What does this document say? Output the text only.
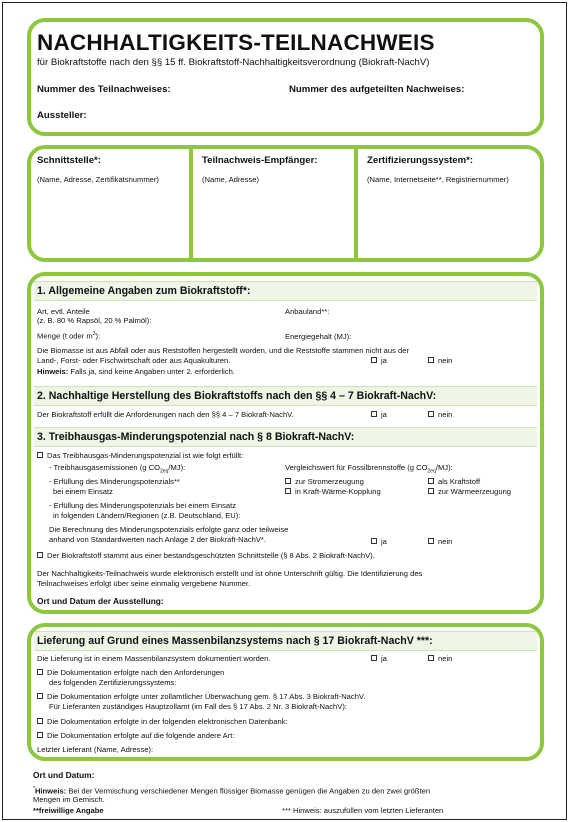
NACHHALTIGKEITS-TEILNACHWEIS
für Biokraftstoffe nach den §§ 15 ff. Biokraftstoff-Nachhaltigkeitsverordnung (Biokraft-NachV)
Nummer des Teilnachweises:	Nummer des aufgeteilten Nachweises:
Aussteller:
Schnittstelle*:
(Name, Adresse, Zertifikatsnummer)
Teilnachweis-Empfänger:
(Name, Adresse)
Zertifizierungssystem*:
(Name, Internetseite**, Registriernummer)
1. Allgemeine Angaben zum Biokraftstoff*:
Art, evtl. Anteile
(z. B. 80 % Rapsöl, 20 % Palmöl):
Anbauland**:
Menge (t oder $m^3$):	Energiegehalt (MJ):
Die Biomasse ist aus Abfall oder aus Reststoffen hergestellt worden, und die Reststoffe stammen nicht aus der
Land-, Forst- oder Fischwirtschaft oder aus Aquakulturen.	ja	nein
Hinweis: Falls ja, sind keine Angaben unter 2. erforderlich.
2. Nachhaltige Herstellung des Biokraftstoffs nach den §§ 4 – 7 Biokraft-NachV:
Der Biokraftstoff erfüllt die Anforderungen nach den §§ 4 – 7 Biokraft-NachV.	ja	nein
3. Treibhausgas-Minderungspotenzial nach § 8 Biokraft-NachV:
Das Treibhausgas-Minderungspotenzial ist wie folgt erfüllt:
- Treibhausgasemissionen (g $CO_{2eq}/MJ$):	Vergleichswert für Fossilbrennstoffe (g $CO_{2eq}/MJ$):
- Erfüllung des Minderungspotenzials**
bei einem Einsatz
zur Stromerzeugung	als Kraftstoff
in Kraft-Wärme-Kopplung	zur Wärmeerzeugung
- Erfüllung des Minderungspotenzials bei einem Einsatz
in folgenden Ländern/Regionen (z.B. Deutschland, EU):
Die Berechnung des Minderungspotenzials erfolgte ganz oder teilweise
anhand von Standardwerten nach Anlage 2 der Biokraft-NachV*.	ja	nein
Der Biokraftstoff stammt aus einer bestandsgeschützten Schnittstelle (§ 8 Abs. 2 Biokraft-NachV).
Der Nachhaltigkeits-Teilnachweis wurde elektronisch erstellt und ist ohne Unterschrift gültig. Die Identifizierung des
Teilnachweises erfolgt über seine einmalig vergebene Nummer.
Ort und Datum der Ausstellung:
Lieferung auf Grund eines Massenbilanzsystems nach § 17 Biokraft-NachV ***:
Die Lieferung ist in einem Massenbilanzsystem dokumentiert worden.	ja	nein
Die Dokumentation erfolgte nach den Anforderungen
des folgenden Zertifizierungssystems:
Die Dokumentation erfolgte unter zollamtlicher Überwachung gem. § 17 Abs. 3 Biokraft-NachV.
Für Lieferanten zuständiges Hauptzollamt (im Fall des § 17 Abs. 2 Nr. 3 Biokraft-NachV):
Die Dokumentation erfolgte in der folgenden elektronischen Datenbank:
Die Dokumentation erfolgte auf die folgende andere Art:
Letzter Lieferant (Name, Adresse):
Ort und Datum:
*Hinweis: Bei der Vermischung verschiedener Mengen flüssiger Biomasse genügen die Angaben zu den zwei größten
Mengen im Gemisch.
**freiwillige Angabe	*** Hinweis: auszufüllen vom letzten Lieferanten
